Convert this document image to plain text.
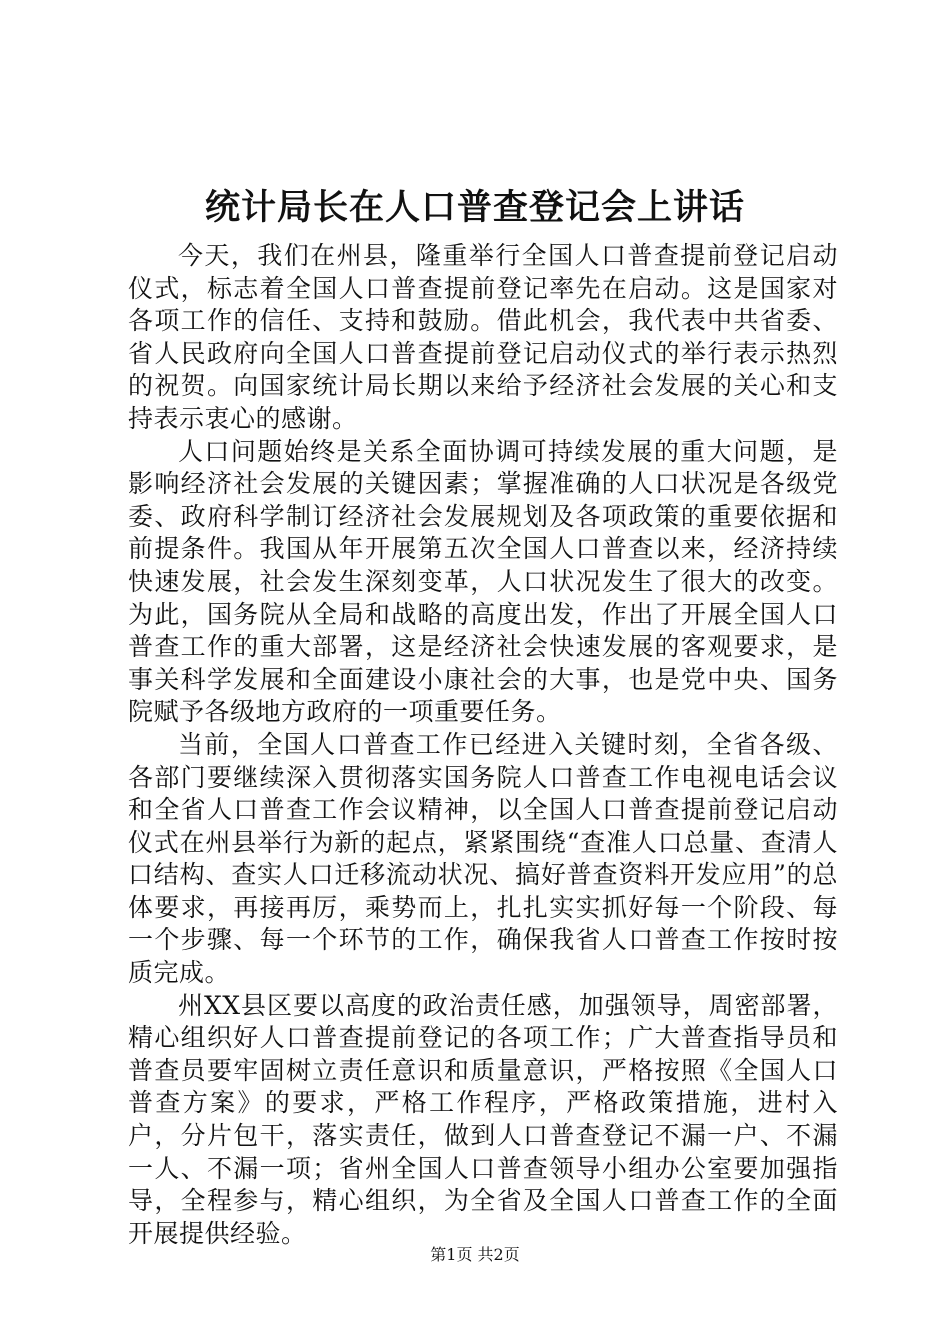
统计局长在人口普查登记会上讲话

今天，我们在州县，隆重举行全国人口普查提前登记启动仪式，标志着全国人口普查提前登记率先在启动。这是国家对各项工作的信任、支持和鼓励。借此机会，我代表中共省委、省人民政府向全国人口普查提前登记启动仪式的举行表示热烈的祝贺。向国家统计局长期以来给予经济社会发展的关心和支持表示衷心的感谢。

人口问题始终是关系全面协调可持续发展的重大问题，是影响经济社会发展的关键因素；掌握准确的人口状况是各级党委、政府科学制订经济社会发展规划及各项政策的重要依据和前提条件。我国从年开展第五次全国人口普查以来，经济持续快速发展，社会发生深刻变革，人口状况发生了很大的改变。为此，国务院从全局和战略的高度出发，作出了开展全国人口普查工作的重大部署，这是经济社会快速发展的客观要求，是事关科学发展和全面建设小康社会的大事，也是党中央、国务院赋予各级地方政府的一项重要任务。

当前，全国人口普查工作已经进入关键时刻，全省各级、各部门要继续深入贯彻落实国务院人口普查工作电视电话会议和全省人口普查工作会议精神，以全国人口普查提前登记启动仪式在州县举行为新的起点，紧紧围绕“查准人口总量、查清人口结构、查实人口迁移流动状况、搞好普查资料开发应用”的总体要求，再接再厉，乘势而上，扎扎实实抓好每一个阶段、每一个步骤、每一个环节的工作，确保我省人口普查工作按时按质完成。

州XX县区要以高度的政治责任感，加强领导，周密部署，精心组织好人口普查提前登记的各项工作；广大普查指导员和普查员要牢固树立责任意识和质量意识，严格按照《全国人口普查方案》的要求，严格工作程序，严格政策措施，进村入户，分片包干，落实责任，做到人口普查登记不漏一户、不漏一人、不漏一项；省州全国人口普查领导小组办公室要加强指导，全程参与，精心组织，为全省及全国人口普查工作的全面开展提供经验。

第1页 共2页
